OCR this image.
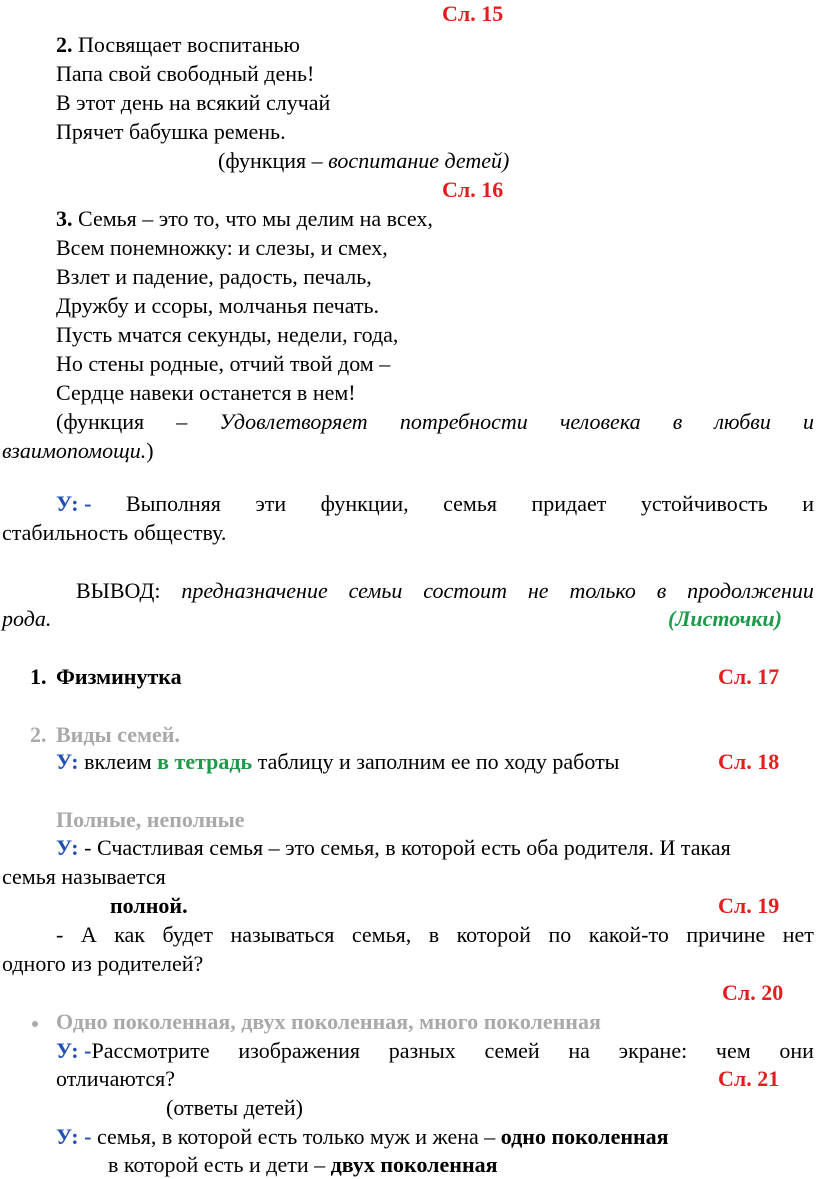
Сл. 15
2. Посвящает воспитанью
Папа свой свободный день!
В этот день на всякий случай
Прячет бабушка ремень.
(функция – воспитание детей)
Сл. 16
3. Семья – это то, что мы делим на всех,
Всем понемножку: и слезы, и смех,
Взлет и падение, радость, печаль,
Дружбу и ссоры, молчанья печать.
Пусть мчатся секунды, недели, года,
Но стены родные, отчий твой дом –
Сердце навеки останется в нем!
(функция – Удовлетворяет потребности человека в любви и
взаимопомощи.)
У: - Выполняя эти функции, семья придает устойчивость и
стабильность обществу.
ВЫВОД: предназначение семьи состоит не только в продолжении
рода.	(Листочки)
1. Физминутка	Сл. 17
2. Виды семей.
У: вклеим в тетрадь таблицу и заполним ее по ходу работы	Сл. 18
Полные, неполные
У: - Счастливая семья – это семья, в которой есть оба родителя. И такая
семья называется
полной.	Сл. 19
- А как будет называться семья, в которой по какой-то причине нет
одного из родителей?
Сл. 20
Одно поколенная, двух поколенная, много поколенная
У: -Рассмотрите изображения разных семей на экране: чем они
отличаются?	Сл. 21
(ответы детей)
У: - семья, в которой есть только муж и жена – одно поколенная
в которой есть и дети – двух поколенная
